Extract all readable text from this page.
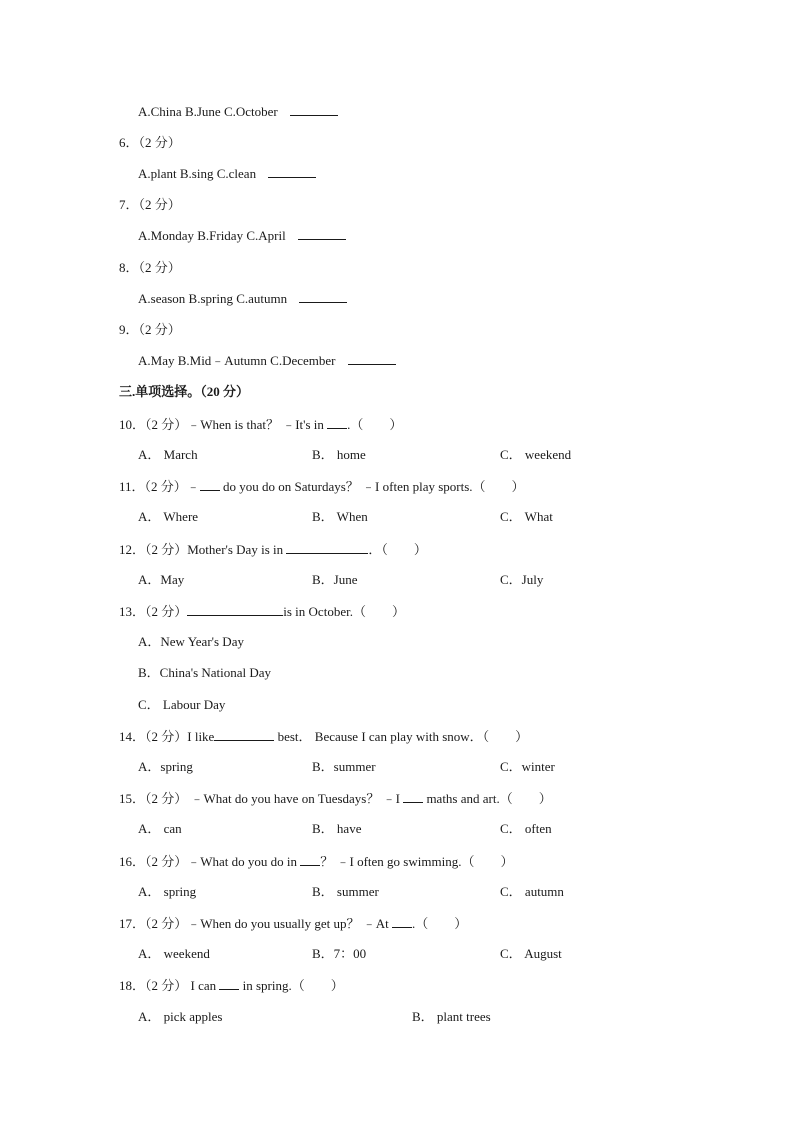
A.China B.June C.October
6．（2 分）
A.plant B.sing C.clean
7．（2 分）
A.Monday B.Friday C.April
8．（2 分）
A.season B.spring C.autumn
9．（2 分）
A.May B.Mid﹣Autumn C.December
三.单项选择。（20 分）
10．（2 分）﹣When is that？ ﹣It's in .（　　）
A． March	B． home	C． weekend
11．（2 分）﹣ do you do on Saturdays？ ﹣I often play sports.（　　）
A． Where	B． When	C． What
12．（2 分）Mother's Day is in	．（　　）
A．May	B．June	C．July
13．（2 分）	is in October.（　　）
A．New Year's Day
B．China's National Day
C． Labour Day
14．（2 分）I like	best． Because I can play with snow．（　　）
A．spring	B．summer	C．winter
15．（2 分） ﹣What do you have on Tuesdays？ ﹣I maths and art.（　　）
A． can	B． have	C． often
16．（2 分）﹣What do you do in ？ ﹣I often go swimming.（　　）
A． spring	B． summer	C． autumn
17．（2 分）﹣When do you usually get up？ ﹣At .（　　）
A． weekend	B．7：00	C． August
18．（2 分） I can in spring.（　　）
A． pick apples	B． plant trees
